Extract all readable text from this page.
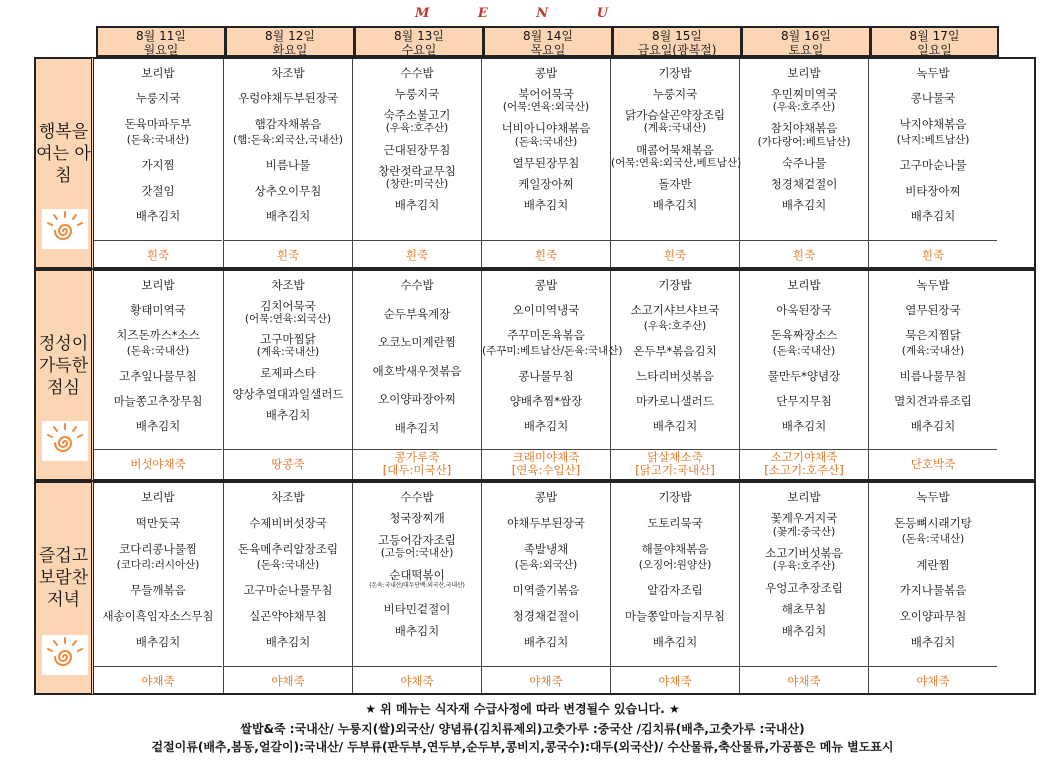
M E N U
8월 11일
월요일
8월 12일
화요일
8월 13일
수요일
8월 14일
목요일
8월 15일
금요일(광복절)
8월 16일
토요일
8월 17일
일요일
행복을 여는 아침
보리밥
누룽지국
돈육마파두부
(돈육:국내산)
가지찜
갓절임
배추김치
흰죽
차조밥
우렁야채두부된장국
햄감자채볶음
(햄:돈육:외국산,국내산)
비름나물
상추오이무침
배추김치
흰죽
수수밥
누룽지국
숙주소불고기
(우육:호주산)
근대된장무침
창란젓락교무침
(창란:미국산)
배추김치
흰죽
콩밥
북어어묵국
(어묵:연육:외국산)
너비아니야채볶음
(돈육:국내산)
열무된장무침
케일장아찌
배추김치
흰죽
기장밥
누룽지국
닭가슴살곤약장조림
(계육:국내산)
매콤어묵채볶음
(어묵:연육:외국산,베트남산)
돌자반
배추김치
흰죽
보리밥
우민찌미역국
(우육:호주산)
참치야채볶음
(가다랑어:베트남산)
숙주나물
청경채겉절이
배추김치
흰죽
녹두밥
콩나물국
낙지야채볶음
(낙지:베트남산)
고구마순나물
비타장아찌
배추김치
흰죽
정성이 가득한 점심
보리밥
황태미역국
치즈돈까스*소스
(돈육:국내산)
고추잎나물무침
마늘쫑고추장무침
배추김치
버섯야채죽
차조밥
김치어묵국
(어묵:연육:외국산)
고구마찜닭
(계육:국내산)
로제파스타
양상추열대과일샐러드
배추김치
땅콩죽
수수밥
순두부육계장
오코노미계란찜
애호박새우젓볶음
오이양파장아찌
배추김치
콩가루죽
[대두:미국산]
콩밥
오이미역냉국
주꾸미돈육볶음
(주꾸미:베트남산/돈육:국내산)
콩나물무침
양배추찜*쌈장
배추김치
크래미야채죽
[연육:수입산]
기장밥
소고기샤브샤브국
(우육:호주산)
온두부*볶음김치
느타리버섯볶음
마카로니샐러드
배추김치
닭살채소죽
[닭고기:국내산]
보리밥
아욱된장국
돈육짜장소스
(돈육:국내산)
물만두*양념장
단무지무침
배추김치
소고기야채죽
[소고기:호주산]
녹두밥
열무된장국
묵은지찜닭
(계육:국내산)
비름나물무침
멸치견과류조림
배추김치
단호박죽
즐겁고 보람찬 저녁
보리밥
떡만둣국
코다리콩나물찜
(코다리:러시아산)
무들깨볶음
새송이흑임자소스무침
배추김치
야채죽
차조밥
수제비버섯장국
돈육메추리알장조림
(돈육:국내산)
고구마순나물무침
실곤약야채무침
배추김치
야채죽
수수밥
청국장찌개
고등어감자조림
(고등어:국내산)
순대떡볶이
(돈육:국내산/대두단백:외국산,국내산)
비타민겉절이
배추김치
야채죽
콩밥
야채두부된장국
족발냉채
(돈육:외국산)
미역줄기볶음
청경채겉절이
배추김치
야채죽
기장밥
도토리묵국
해물야채볶음
(오징어:원양산)
알감자조림
마늘쫑알마늘지무침
배추김치
야채죽
보리밥
꽃게우거지국
(꽃게:중국산)
소고기버섯볶음
(우육:호주산)
우엉고추장조림
해초무침
배추김치
야채죽
녹두밥
돈등뼈시래기탕
(돈육:국내산)
계란찜
가지나물볶음
오이양파무침
배추김치
야채죽
★ 위 메뉴는 식자재 수급사정에 따라 변경될수 있습니다. ★
쌀밥&죽 :국내산/ 누룽지(쌀)외국산/ 양념류(김치류제외)고춧가루 :중국산 /김치류(배추,고춧가루 :국내산)
겉절이류(배추,봄동,얼갈이):국내산/ 두부류(판두부,연두부,순두부,콩비지,콩국수):대두(외국산)/ 수산물류,축산물류,가공품은 메뉴 별도표시
